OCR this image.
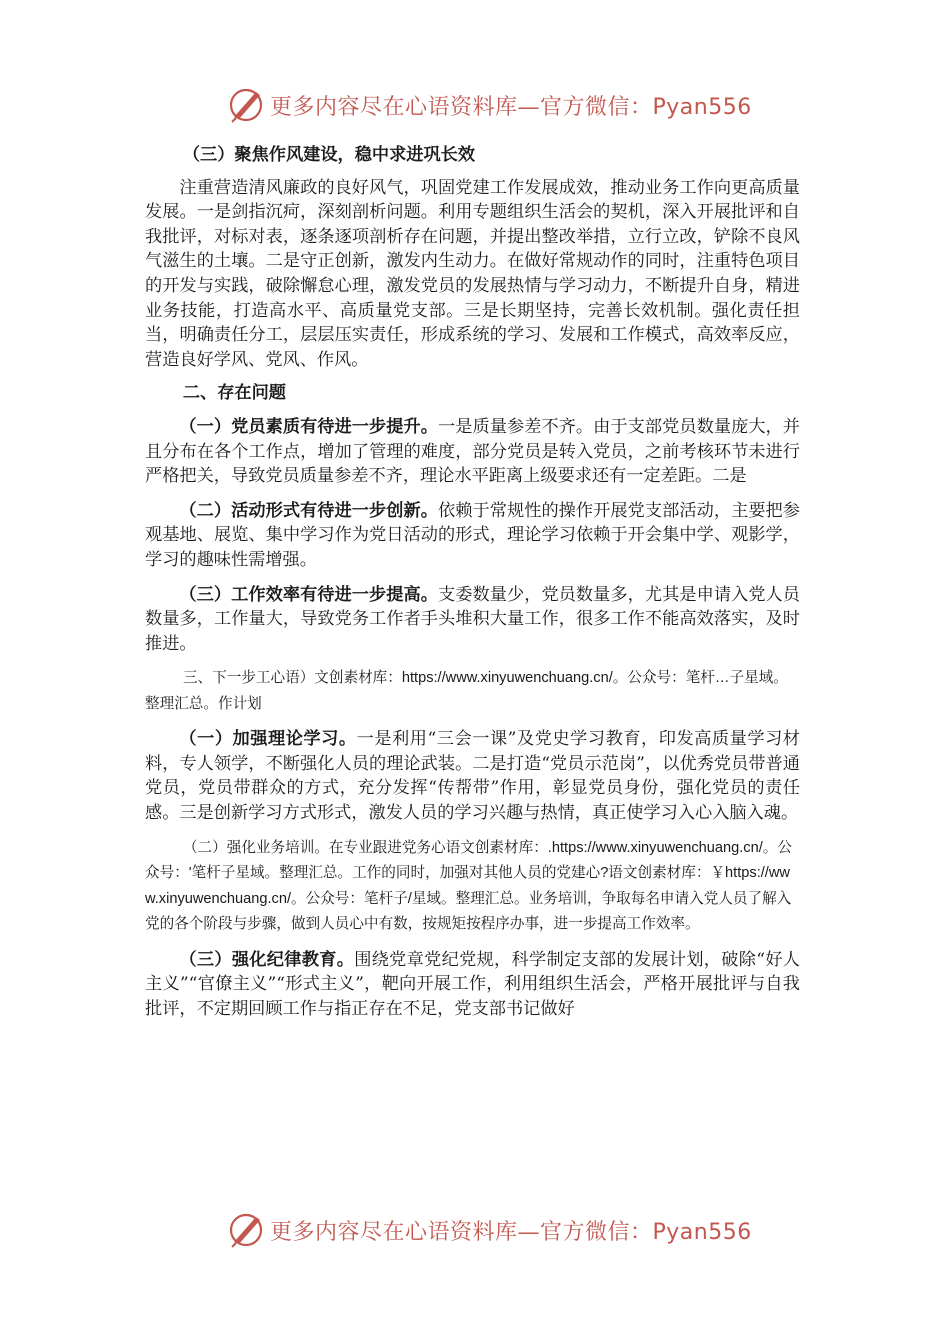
更多内容尽在心语资料库—官方微信：Pyan556

（三）聚焦作风建设，稳中求进巩长效

注重营造清风廉政的良好风气，巩固党建工作发展成效，推动业务工作向更高质量发展。一是剑指沉疴，深刻剖析问题。利用专题组织生活会的契机，深入开展批评和自我批评，对标对表，逐条逐项剖析存在问题，并提出整改举措，立行立改，铲除不良风气滋生的土壤。二是守正创新，激发内生动力。在做好常规动作的同时，注重特色项目的开发与实践，破除懈怠心理，激发党员的发展热情与学习动力，不断提升自身，精进业务技能，打造高水平、高质量党支部。三是长期坚持，完善长效机制。强化责任担当，明确责任分工，层层压实责任，形成系统的学习、发展和工作模式，高效率反应，营造良好学风、党风、作风。

二、存在问题

（一）党员素质有待进一步提升。一是质量参差不齐。由于支部党员数量庞大，并且分布在各个工作点，增加了管理的难度，部分党员是转入党员，之前考核环节未进行严格把关，导致党员质量参差不齐，理论水平距离上级要求还有一定差距。二是

（二）活动形式有待进一步创新。依赖于常规性的操作开展党支部活动，主要把参观基地、展览、集中学习作为党日活动的形式，理论学习依赖于开会集中学、观影学，学习的趣味性需增强。

（三）工作效率有待进一步提高。支委数量少，党员数量多，尤其是申请入党人员数量多，工作量大，导致党务工作者手头堆积大量工作，很多工作不能高效落实，及时推进。

三、下一步工心语）文创素材库：https://www.xinyuwenchuang.cn/。公众号：笔杆…子星域。整理汇总。作计划

（一）加强理论学习。一是利用“三会一课”及党史学习教育，印发高质量学习材料，专人领学，不断强化人员的理论武装。二是打造“党员示范岗”，以优秀党员带普通党员，党员带群众的方式，充分发挥“传帮带”作用，彰显党员身份，强化党员的责任感。三是创新学习方式形式，激发人员的学习兴趣与热情，真正使学习入心入脑入魂。

（二）强化业务培训。在专业跟进党务心语文创素材库：.https://www.xinyuwenchuang.cn/。公众号：'笔杆子星域。整理汇总。工作的同时，加强对其他人员的党建心?语文创素材库：￥https://www.xinyuwenchuang.cn/。公众号：笔杆子/星域。整理汇总。业务培训，争取每名申请入党人员了解入党的各个阶段与步骤，做到人员心中有数，按规矩按程序办事，进一步提高工作效率。

（三）强化纪律教育。围绕党章党纪党规，科学制定支部的发展计划，破除“好人主义”“官僚主义”“形式主义”，靶向开展工作，利用组织生活会，严格开展批评与自我批评，不定期回顾工作与指正存在不足，党支部书记做好

更多内容尽在心语资料库—官方微信：Pyan556
